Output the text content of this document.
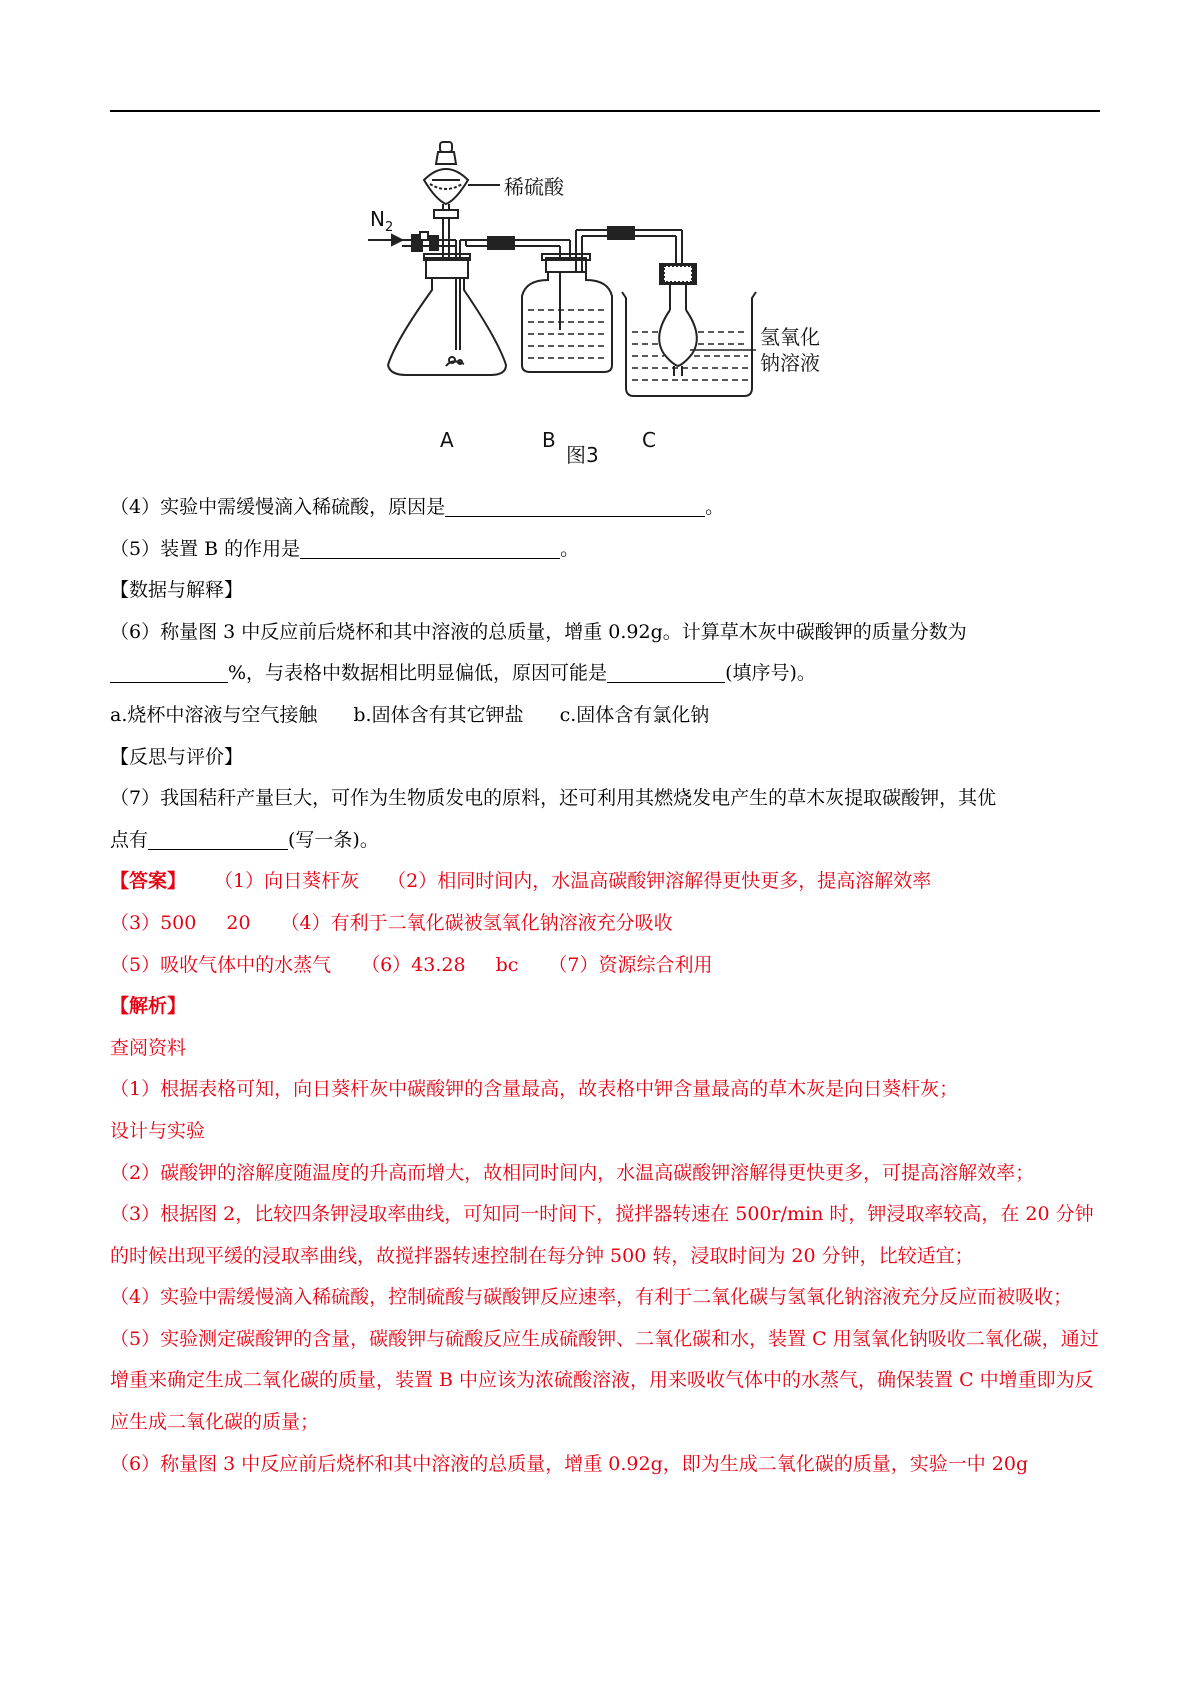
$N_2$
稀硫酸
氢氧化
钠溶液
A	B
图3
C
（4）实验中需缓慢滴入稀硫酸，原因是	。
（5）装置 B 的作用是	。
【数据与解释】
（6）称量图 3 中反应前后烧杯和其中溶液的总质量，增重 0.92g。计算草木灰中碳酸钾的质量分数为
%，与表格中数据相比明显偏低，原因可能是	(填序号)。
a.烧杯中溶液与空气接触 b.固体含有其它钾盐 c.固体含有氯化钠
【反思与评价】
（7）我国秸秆产量巨大，可作为生物质发电的原料，还可利用其燃烧发电产生的草木灰提取碳酸钾，其优
点有	(写一条)。
【答案】 （1）向日葵杆灰 （2）相同时间内，水温高碳酸钾溶解得更快更多，提高溶解效率
（3）500 20 （4）有利于二氧化碳被氢氧化钠溶液充分吸收
（5）吸收气体中的水蒸气 （6）43.28 bc （7）资源综合利用
【解析】
查阅资料
（1）根据表格可知，向日葵杆灰中碳酸钾的含量最高，故表格中钾含量最高的草木灰是向日葵杆灰；
设计与实验
（2）碳酸钾的溶解度随温度的升高而增大，故相同时间内，水温高碳酸钾溶解得更快更多，可提高溶解效率；
（3）根据图 2，比较四条钾浸取率曲线，可知同一时间下，搅拌器转速在 500r/min 时，钾浸取率较高，在 20 分钟的时候出现平缓的浸取率曲线，故搅拌器转速控制在每分钟 500 转，浸取时间为 20 分钟，比较适宜；
（4）实验中需缓慢滴入稀硫酸，控制硫酸与碳酸钾反应速率，有利于二氧化碳与氢氧化钠溶液充分反应而被吸收；
（5）实验测定碳酸钾的含量，碳酸钾与硫酸反应生成硫酸钾、二氧化碳和水，装置 C 用氢氧化钠吸收二氧化碳，通过增重来确定生成二氧化碳的质量，装置 B 中应该为浓硫酸溶液，用来吸收气体中的水蒸气，确保装置 C 中增重即为反应生成二氧化碳的质量；
（6）称量图 3 中反应前后烧杯和其中溶液的总质量，增重 0.92g，即为生成二氧化碳的质量，实验一中 20g
